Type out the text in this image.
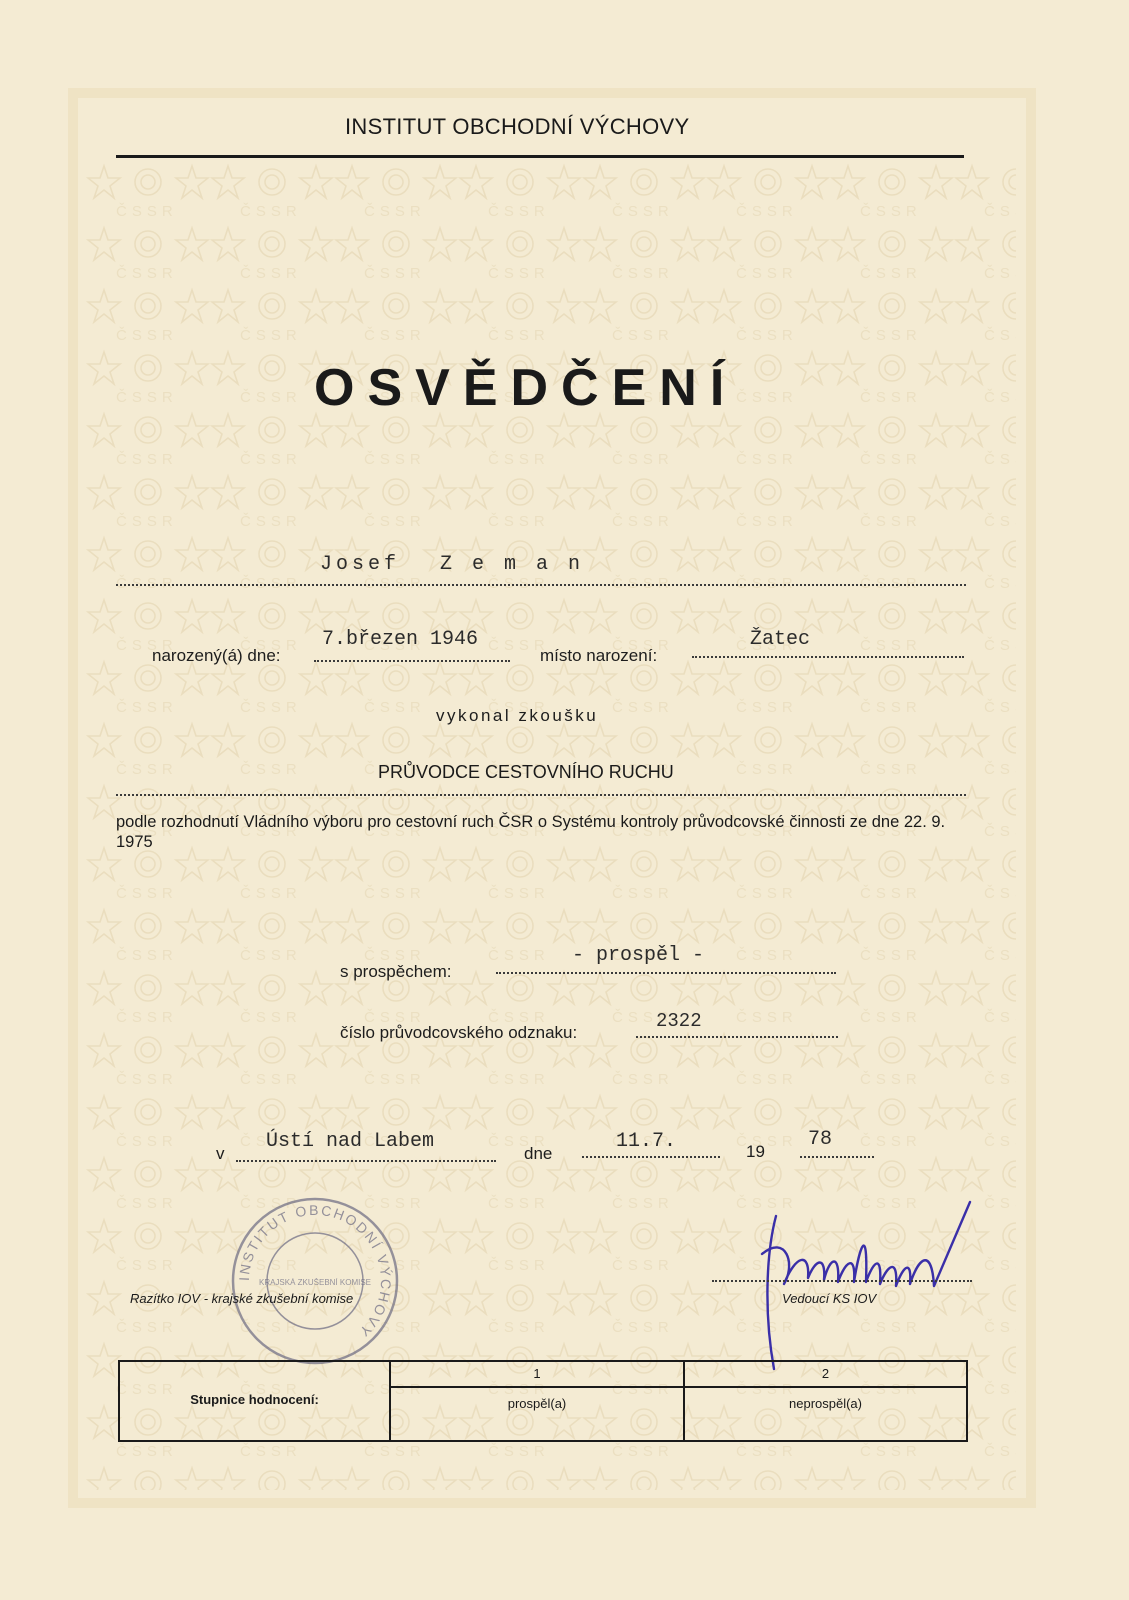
INSTITUT OBCHODNÍ VÝCHOVY
OSVĚDČENÍ
Josef Z e m a n
narozený(á) dne:
7.březen 1946
místo narození:
Žatec
vykonal zkoušku
PRŮVODCE CESTOVNÍHO RUCHU
podle rozhodnutí Vládního výboru pro cestovní ruch ČSR o Systému kontroly průvodcovské činnosti ze dne 22. 9. 1975
s prospěchem:
- prospěl -
číslo průvodcovského odznaku:
2322
v
Ústí nad Labem
dne
11.7.	19
78
INSTITUT OBCHODNÍ VÝCHOVY
KRAJSKÁ ZKUŠEBNÍ KOMISE
Razítko IOV - krajské zkušební komise	Vedoucí KS IOV
Stupnice hodnocení:
1
prospěl(a)
2
neprospěl(a)
